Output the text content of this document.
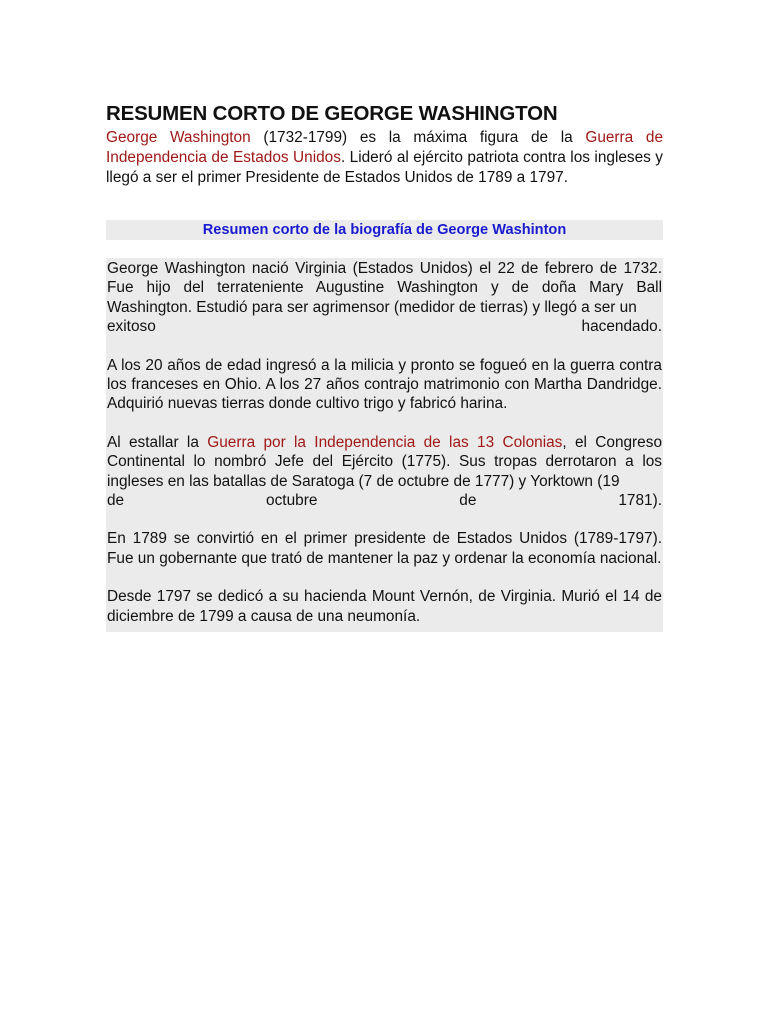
RESUMEN CORTO DE GEORGE WASHINGTON

George Washington (1732-1799) es la máxima figura de la Guerra de Independencia de Estados Unidos. Lideró al ejército patriota contra los ingleses y llegó a ser el primer Presidente de Estados Unidos de 1789 a 1797.

Resumen corto de la biografía de George Washinton

George Washington nació Virginia (Estados Unidos) el 22 de febrero de 1732. Fue hijo del terrateniente Augustine Washington y de doña Mary Ball Washington. Estudió para ser agrimensor (medidor de tierras) y llegó a ser un

exitoso hacendado.

A los 20 años de edad ingresó a la milicia y pronto se fogueó en la guerra contra los franceses en Ohio. A los 27 años contrajo matrimonio con Martha Dandridge. Adquirió nuevas tierras donde cultivo trigo y fabricó harina.

Al estallar la Guerra por la Independencia de las 13 Colonias, el Congreso Continental lo nombró Jefe del Ejército (1775). Sus tropas derrotaron a los ingleses en las batallas de Saratoga (7 de octubre de 1777) y Yorktown (19
de octubre de 1781).

En 1789 se convirtió en el primer presidente de Estados Unidos (1789-1797). Fue un gobernante que trató de mantener la paz y ordenar la economía nacional.

Desde 1797 se dedicó a su hacienda Mount Vernón, de Virginia. Murió el 14 de diciembre de 1799 a causa de una neumonía.
